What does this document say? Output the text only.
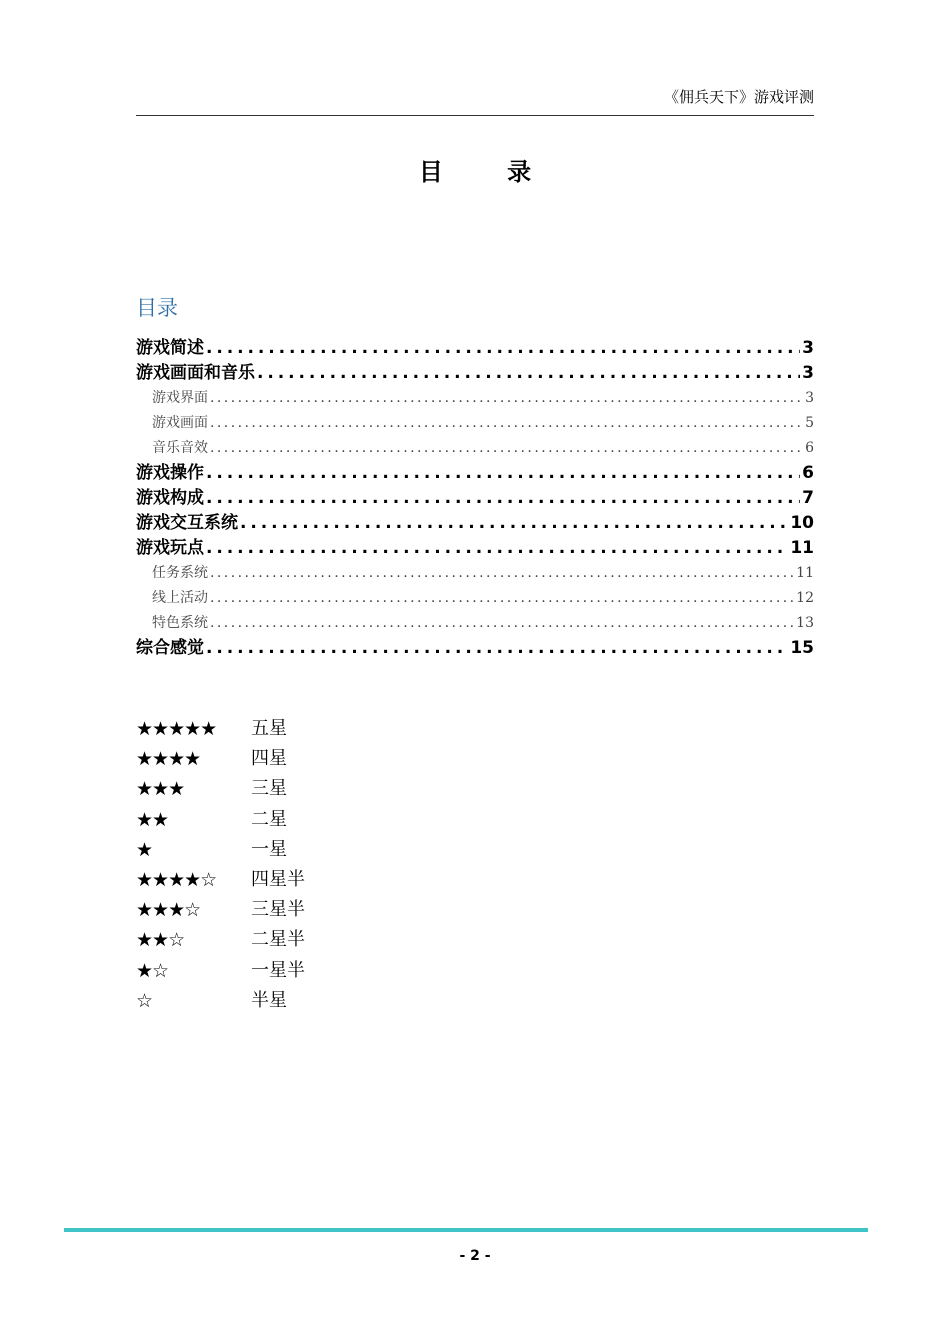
《佣兵天下》游戏评测
目 录
目录
游戏简述 . . .	3
游戏画面和音乐 . . .	3
游戏界面 . . .	3
游戏画面 . . .	5
音乐音效 . . .	6
游戏操作 . . .	6
游戏构成 . . .	7
游戏交互系统 . . .	10
游戏玩点 . . .	11
任务系统 . . .	11
线上活动 . . .	12
特色系统 . . .	13
综合感觉 . . .	15
★★★★★	五星
★★★★	四星
★★★	三星
★★	二星
★	一星
★★★★☆	四星半
★★★☆	三星半
★★☆	二星半
★☆	一星半
☆	半星
- 2 -
